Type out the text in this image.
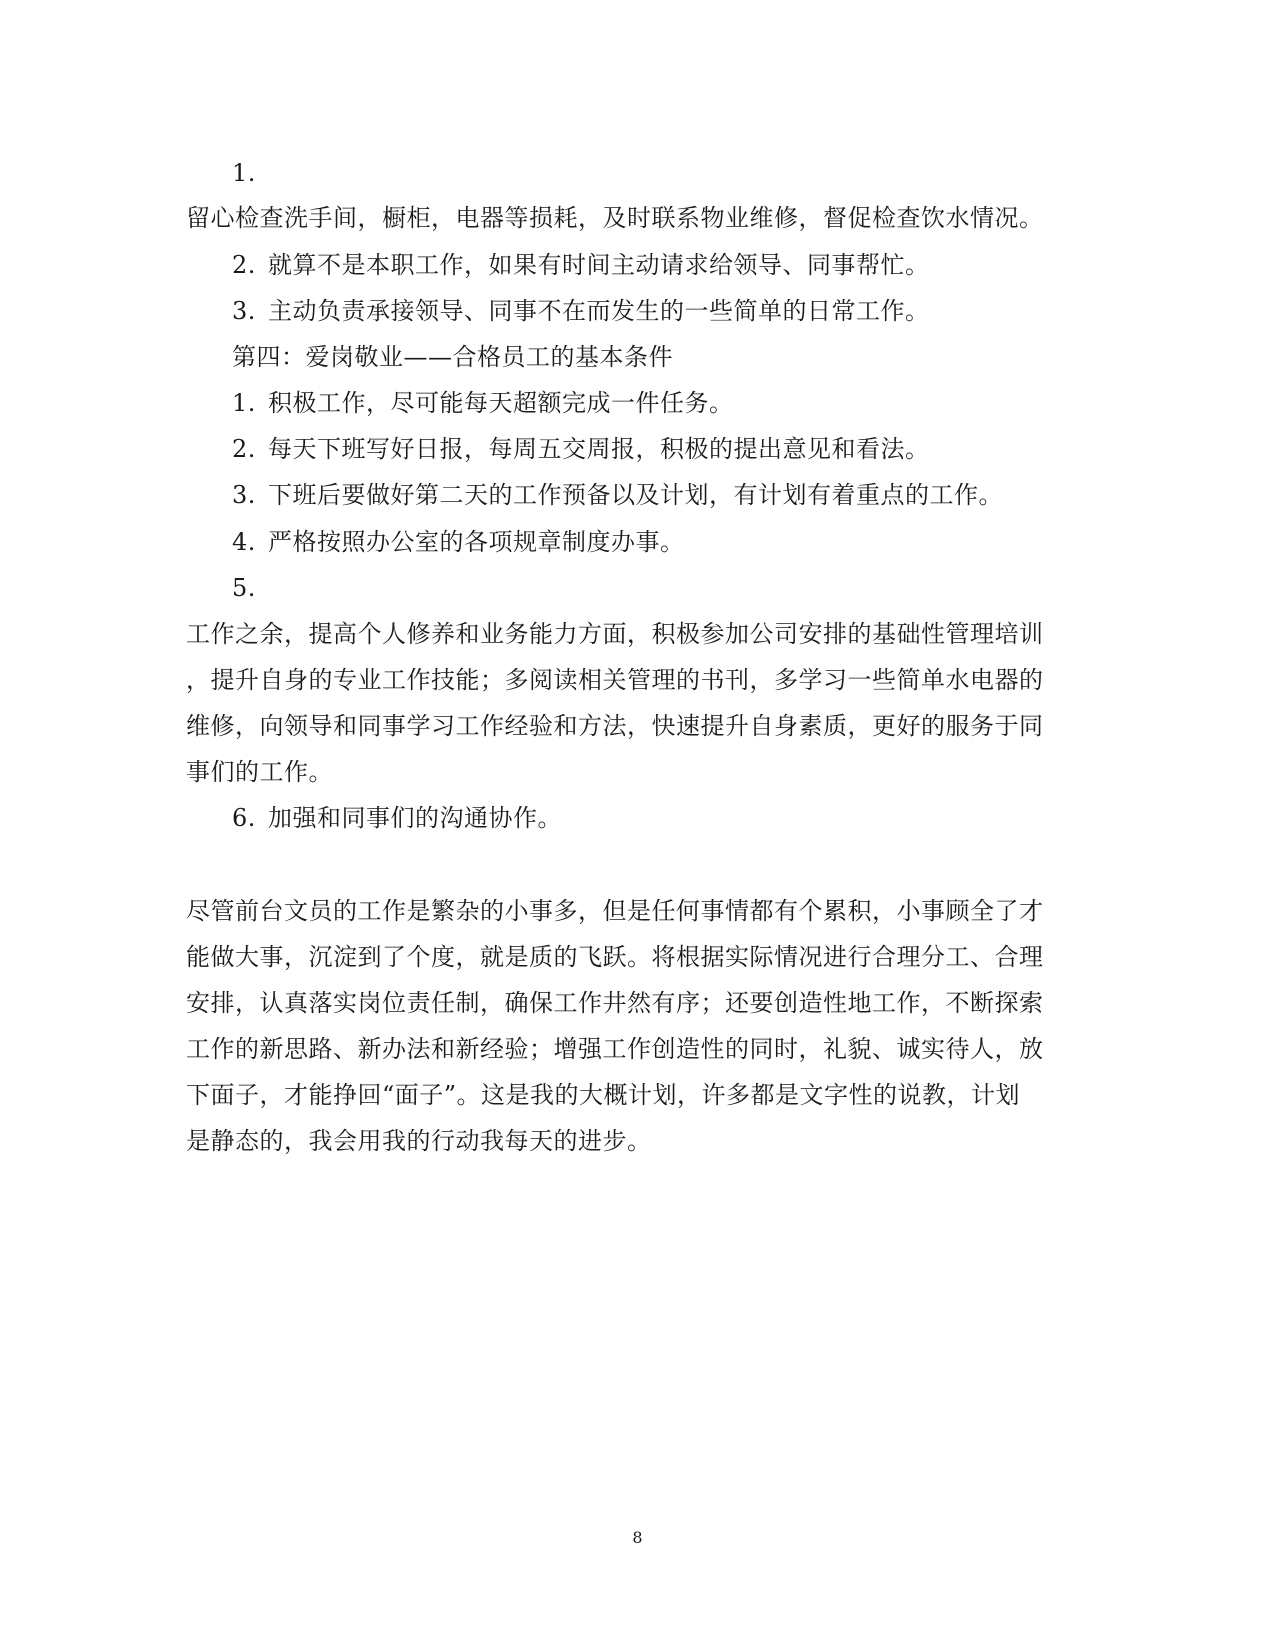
1.
留心检查洗手间，橱柜，电器等损耗，及时联系物业维修，督促检查饮水情况。
2. 就算不是本职工作，如果有时间主动请求给领导、同事帮忙。
3. 主动负责承接领导、同事不在而发生的一些简单的日常工作。
第四：爱岗敬业——合格员工的基本条件
1. 积极工作，尽可能每天超额完成一件任务。
2. 每天下班写好日报，每周五交周报，积极的提出意见和看法。
3. 下班后要做好第二天的工作预备以及计划，有计划有着重点的工作。
4. 严格按照办公室的各项规章制度办事。
5.
工作之余，提高个人修养和业务能力方面，积极参加公司安排的基础性管理培训
，提升自身的专业工作技能；多阅读相关管理的书刊，多学习一些简单水电器的
维修，向领导和同事学习工作经验和方法，快速提升自身素质，更好的服务于同
事们的工作。
6. 加强和同事们的沟通协作。
尽管前台文员的工作是繁杂的小事多，但是任何事情都有个累积，小事顾全了才
能做大事，沉淀到了个度，就是质的飞跃。将根据实际情况进行合理分工、合理
安排，认真落实岗位责任制，确保工作井然有序；还要创造性地工作，不断探索
工作的新思路、新办法和新经验；增强工作创造性的同时，礼貌、诚实待人，放
下面子，才能挣回“面子”。这是我的大概计划，许多都是文字性的说教，计划
是静态的，我会用我的行动我每天的进步。
8
